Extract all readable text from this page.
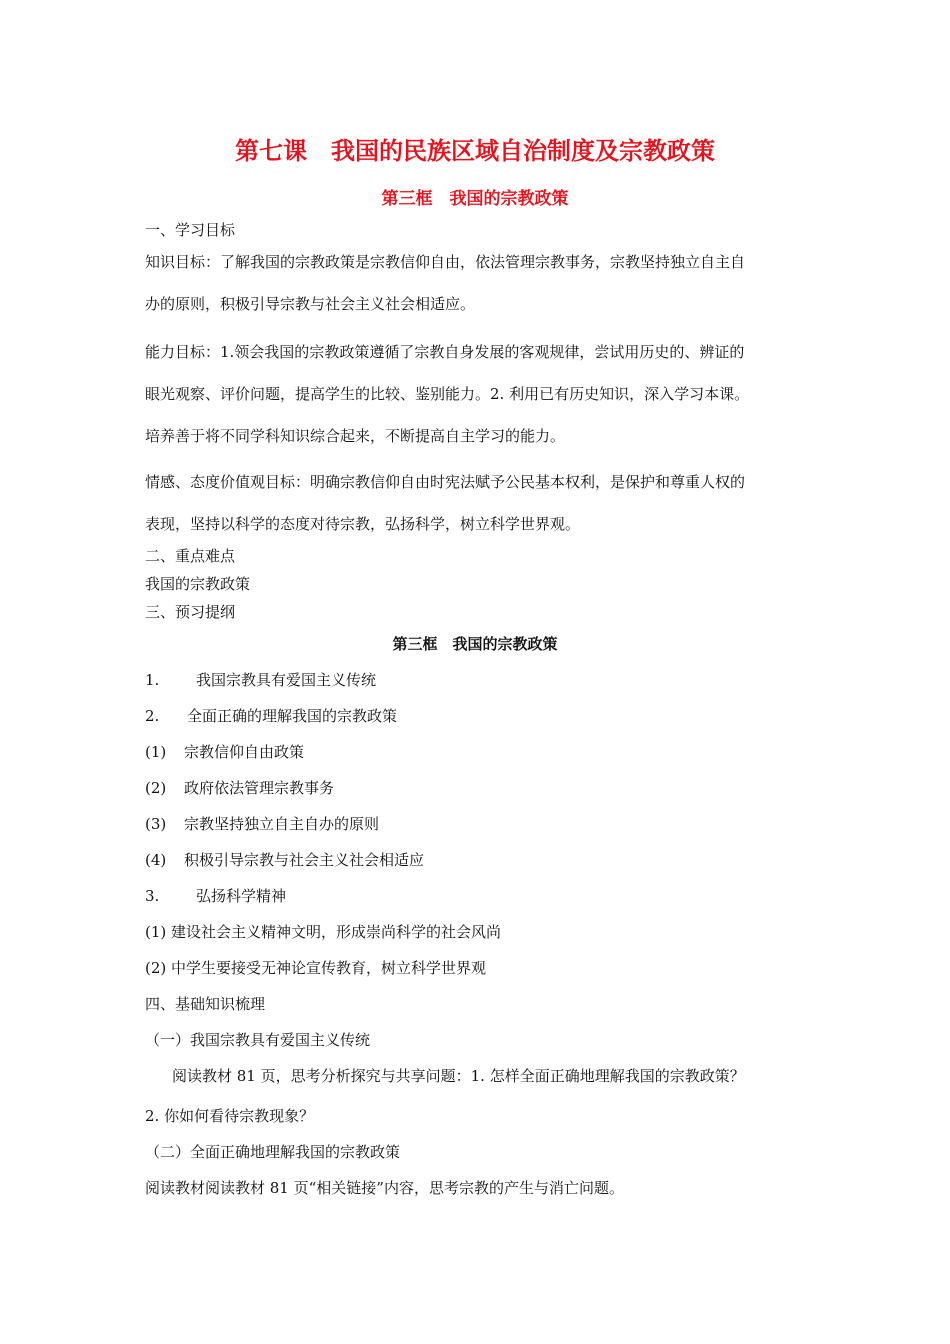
第七课　我国的民族区域自治制度及宗教政策
第三框　我国的宗教政策
一、学习目标
知识目标：了解我国的宗教政策是宗教信仰自由，依法管理宗教事务，宗教坚持独立自主自
办的原则，积极引导宗教与社会主义社会相适应。
能力目标：1.领会我国的宗教政策遵循了宗教自身发展的客观规律，尝试用历史的、辨证的
眼光观察、评价问题，提高学生的比较、鉴别能力。2. 利用已有历史知识，深入学习本课。
培养善于将不同学科知识综合起来，不断提高自主学习的能力。
情感、态度价值观目标：明确宗教信仰自由时宪法赋予公民基本权利，是保护和尊重人权的
表现，坚持以科学的态度对待宗教，弘扬科学，树立科学世界观。
二、重点难点
我国的宗教政策
三、预习提纲
第三框　我国的宗教政策
1. 我国宗教具有爱国主义传统
2. 全面正确的理解我国的宗教政策
(1) 宗教信仰自由政策
(2) 政府依法管理宗教事务
(3) 宗教坚持独立自主自办的原则
(4) 积极引导宗教与社会主义社会相适应
3. 弘扬科学精神
(1) 建设社会主义精神文明，形成崇尚科学的社会风尚
(2) 中学生要接受无神论宣传教育，树立科学世界观
四、基础知识梳理
（一）我国宗教具有爱国主义传统
阅读教材 81 页，思考分析探究与共享问题：1. 怎样全面正确地理解我国的宗教政策？
2. 你如何看待宗教现象？
（二）全面正确地理解我国的宗教政策
阅读教材阅读教材 81 页“相关链接”内容，思考宗教的产生与消亡问题。
